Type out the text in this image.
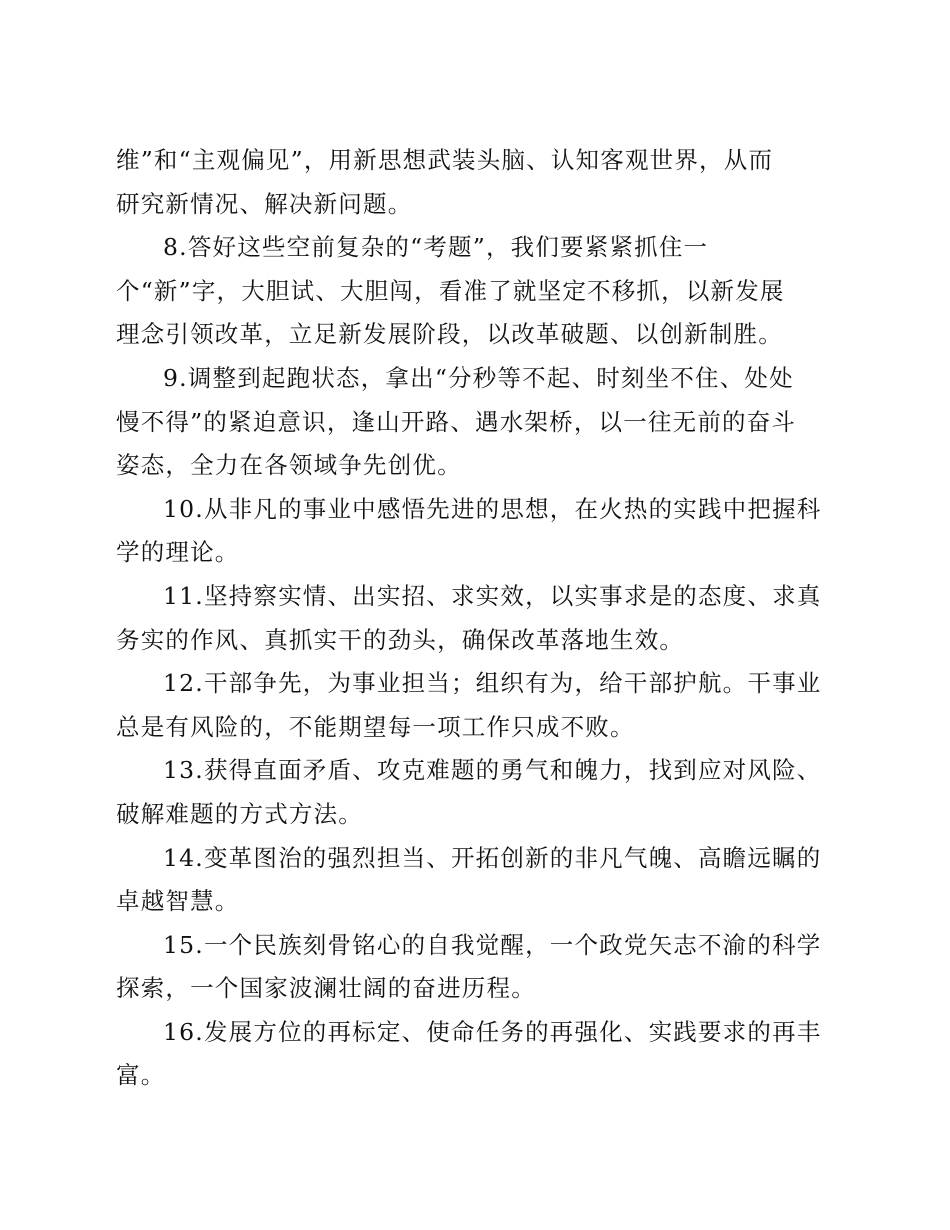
维”和“主观偏见”，用新思想武装头脑、认知客观世界，从而
研究新情况、解决新问题。
8.答好这些空前复杂的“考题”，我们要紧紧抓住一
个“新”字，大胆试、大胆闯，看准了就坚定不移抓，以新发展
理念引领改革，立足新发展阶段，以改革破题、以创新制胜。
9.调整到起跑状态，拿出“分秒等不起、时刻坐不住、处处
慢不得”的紧迫意识，逢山开路、遇水架桥，以一往无前的奋斗
姿态，全力在各领域争先创优。
10.从非凡的事业中感悟先进的思想，在火热的实践中把握科
学的理论。
11.坚持察实情、出实招、求实效，以实事求是的态度、求真
务实的作风、真抓实干的劲头，确保改革落地生效。
12.干部争先，为事业担当；组织有为，给干部护航。干事业
总是有风险的，不能期望每一项工作只成不败。
13.获得直面矛盾、攻克难题的勇气和魄力，找到应对风险、
破解难题的方式方法。
14.变革图治的强烈担当、开拓创新的非凡气魄、高瞻远瞩的
卓越智慧。
15.一个民族刻骨铭心的自我觉醒，一个政党矢志不渝的科学
探索，一个国家波澜壮阔的奋进历程。
16.发展方位的再标定、使命任务的再强化、实践要求的再丰
富。
